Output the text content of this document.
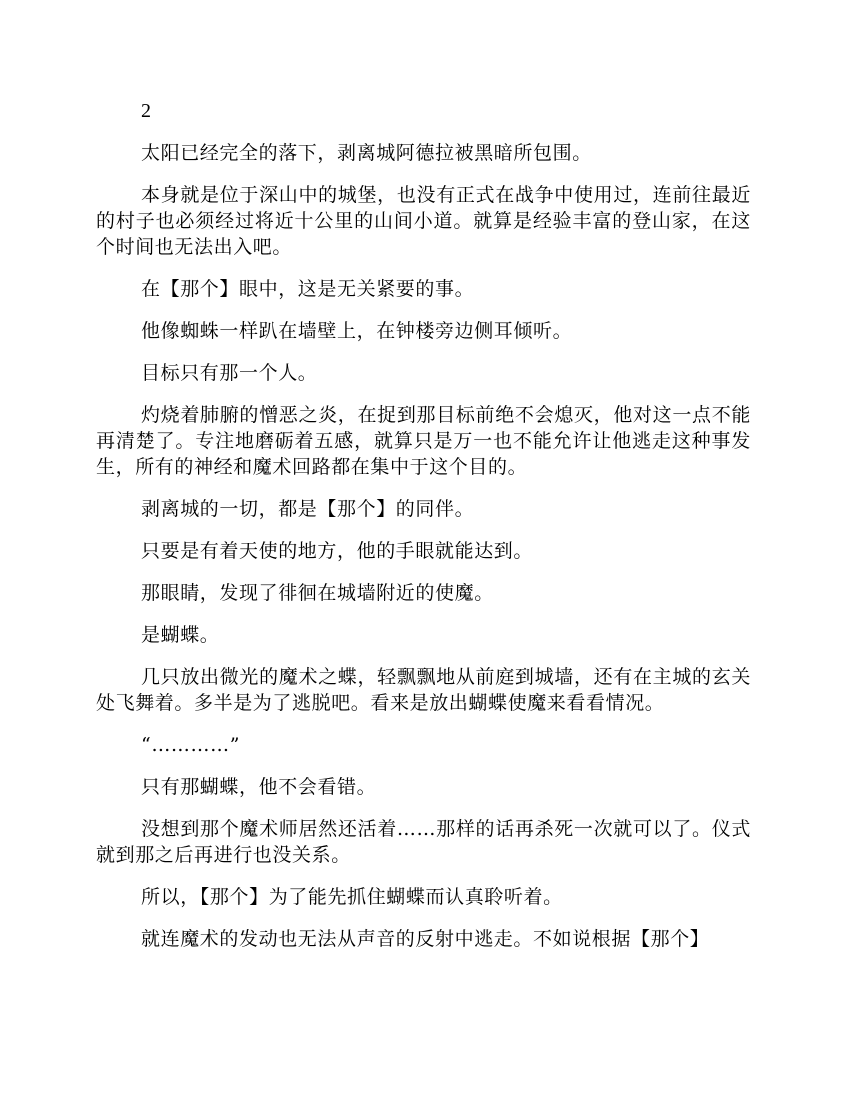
2

太阳已经完全的落下，剥离城阿德拉被黑暗所包围。

本身就是位于深山中的城堡，也没有正式在战争中使用过，连前往最近的村子也必须经过将近十公里的山间小道。就算是经验丰富的登山家，在这个时间也无法出入吧。

在【那个】眼中，这是无关紧要的事。

他像蜘蛛一样趴在墙壁上，在钟楼旁边侧耳倾听。

目标只有那一个人。

灼烧着肺腑的憎恶之炎，在捉到那目标前绝不会熄灭，他对这一点不能再清楚了。专注地磨砺着五感，就算只是万一也不能允许让他逃走这种事发生，所有的神经和魔术回路都在集中于这个目的。

剥离城的一切，都是【那个】的同伴。

只要是有着天使的地方，他的手眼就能达到。

那眼睛，发现了徘徊在城墙附近的使魔。

是蝴蝶。

几只放出微光的魔术之蝶，轻飘飘地从前庭到城墙，还有在主城的玄关处飞舞着。多半是为了逃脱吧。看来是放出蝴蝶使魔来看看情况。

“…………”

只有那蝴蝶，他不会看错。

没想到那个魔术师居然还活着……那样的话再杀死一次就可以了。仪式就到那之后再进行也没关系。

所以，【那个】为了能先抓住蝴蝶而认真聆听着。

就连魔术的发动也无法从声音的反射中逃走。不如说根据【那个】
